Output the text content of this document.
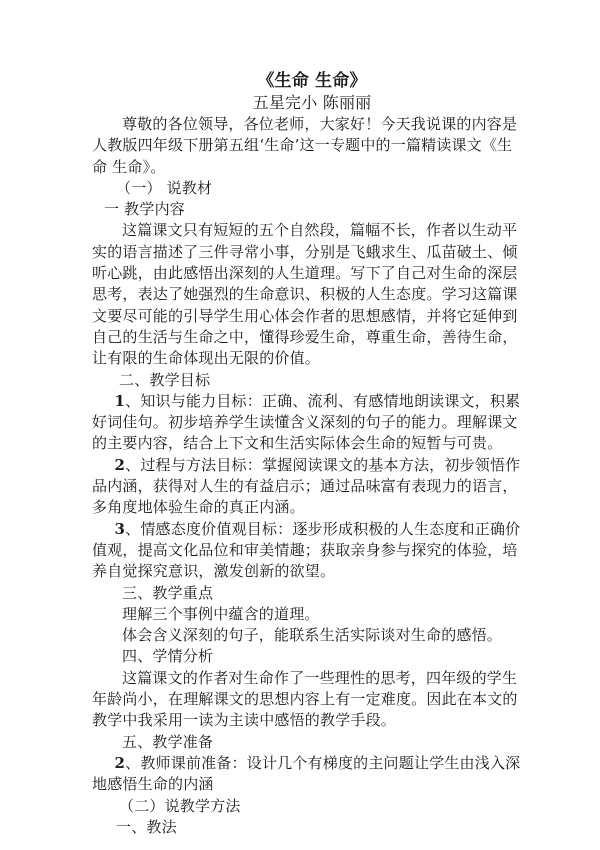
《生命 生命》
五星完小 陈丽丽

尊敬的各位领导，各位老师，大家好！今天我说课的内容是人教版四年级下册第五组‘生命’这一专题中的一篇精读课文《生命 生命》。

（一） 说教材

一 教学内容

这篇课文只有短短的五个自然段，篇幅不长，作者以生动平实的语言描述了三件寻常小事，分别是飞蛾求生、瓜苗破土、倾听心跳，由此感悟出深刻的人生道理。写下了自己对生命的深层思考，表达了她强烈的生命意识、积极的人生态度。学习这篇课文要尽可能的引导学生用心体会作者的思想感情，并将它延伸到自己的生活与生命之中，懂得珍爱生命，尊重生命，善待生命，让有限的生命体现出无限的价值。

二、教学目标

1、知识与能力目标：正确、流利、有感情地朗读课文，积累好词佳句。初步培养学生读懂含义深刻的句子的能力。理解课文的主要内容，结合上下文和生活实际体会生命的短暂与可贵。

2、过程与方法目标：掌握阅读课文的基本方法，初步领悟作品内涵，获得对人生的有益启示；通过品味富有表现力的语言，多角度地体验生命的真正内涵。

3、情感态度价值观目标：逐步形成积极的人生态度和正确价值观，提高文化品位和审美情趣；获取亲身参与探究的体验，培养自觉探究意识，激发创新的欲望。

三、教学重点

理解三个事例中蕴含的道理。

体会含义深刻的句子，能联系生活实际谈对生命的感悟。

四、学情分析

这篇课文的作者对生命作了一些理性的思考，四年级的学生年龄尚小，在理解课文的思想内容上有一定难度。因此在本文的教学中我采用一读为主读中感悟的教学手段。

五、教学准备

2、教师课前准备：设计几个有梯度的主问题让学生由浅入深地感悟生命的内涵

（二）说教学方法

一、教法
